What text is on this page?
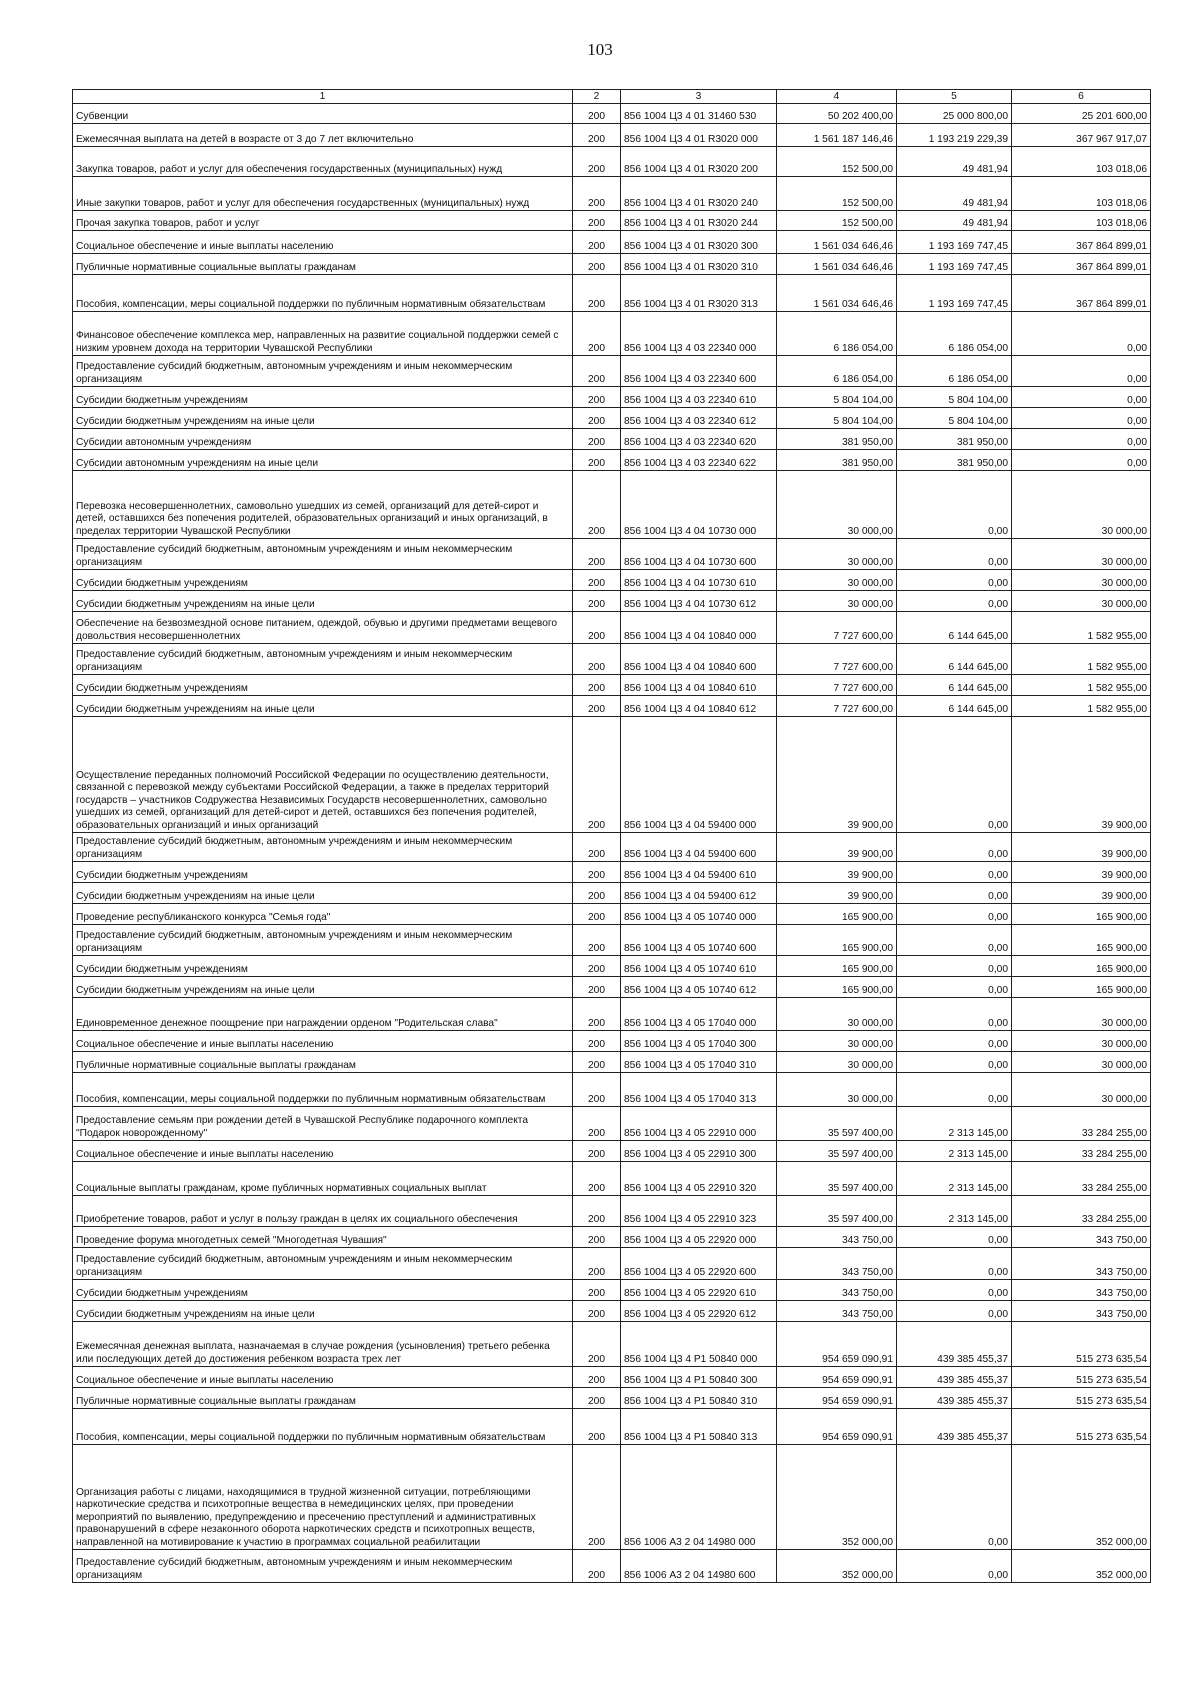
103
1	2	3	4	5	6
Субвенции	200	856 1004 Ц3 4 01 31460 530	50 202 400,00	25 000 800,00	25 201 600,00
Ежемесячная выплата на детей в возрасте от 3 до 7 лет включительно	200	856 1004 Ц3 4 01 R3020 000	1 561 187 146,46	1 193 219 229,39	367 967 917,07
Закупка товаров, работ и услуг для обеспечения государственных (муниципальных) нужд	200	856 1004 Ц3 4 01 R3020 200	152 500,00	49 481,94	103 018,06
Иные закупки товаров, работ и услуг для обеспечения государственных (муниципальных) нужд	200	856 1004 Ц3 4 01 R3020 240	152 500,00	49 481,94	103 018,06
Прочая закупка товаров, работ и услуг	200	856 1004 Ц3 4 01 R3020 244	152 500,00	49 481,94	103 018,06
Социальное обеспечение и иные выплаты населению	200	856 1004 Ц3 4 01 R3020 300	1 561 034 646,46	1 193 169 747,45	367 864 899,01
Публичные нормативные социальные выплаты гражданам	200	856 1004 Ц3 4 01 R3020 310	1 561 034 646,46	1 193 169 747,45	367 864 899,01
Пособия, компенсации, меры социальной поддержки по публичным нормативным обязательствам	200	856 1004 Ц3 4 01 R3020 313	1 561 034 646,46	1 193 169 747,45	367 864 899,01
Финансовое обеспечение комплекса мер, направленных на развитие социальной поддержки семей с низким уровнем дохода на территории Чувашской Республики	200	856 1004 Ц3 4 03 22340 000	6 186 054,00	6 186 054,00	0,00
Предоставление субсидий бюджетным, автономным учреждениям и иным некоммерческим организациям	200	856 1004 Ц3 4 03 22340 600	6 186 054,00	6 186 054,00	0,00
Субсидии бюджетным учреждениям	200	856 1004 Ц3 4 03 22340 610	5 804 104,00	5 804 104,00	0,00
Субсидии бюджетным учреждениям на иные цели	200	856 1004 Ц3 4 03 22340 612	5 804 104,00	5 804 104,00	0,00
Субсидии автономным учреждениям	200	856 1004 Ц3 4 03 22340 620	381 950,00	381 950,00	0,00
Субсидии автономным учреждениям на иные цели	200	856 1004 Ц3 4 03 22340 622	381 950,00	381 950,00	0,00
Перевозка несовершеннолетних, самовольно ушедших из семей, организаций для детей-сирот и детей, оставшихся без попечения родителей, образовательных организаций и иных организаций, в пределах территории Чувашской Республики	200	856 1004 Ц3 4 04 10730 000	30 000,00	0,00	30 000,00
Предоставление субсидий бюджетным, автономным учреждениям и иным некоммерческим организациям	200	856 1004 Ц3 4 04 10730 600	30 000,00	0,00	30 000,00
Субсидии бюджетным учреждениям	200	856 1004 Ц3 4 04 10730 610	30 000,00	0,00	30 000,00
Субсидии бюджетным учреждениям на иные цели	200	856 1004 Ц3 4 04 10730 612	30 000,00	0,00	30 000,00
Обеспечение на безвозмездной основе питанием, одеждой, обувью и другими предметами вещевого довольствия несовершеннолетних	200	856 1004 Ц3 4 04 10840 000	7 727 600,00	6 144 645,00	1 582 955,00
Предоставление субсидий бюджетным, автономным учреждениям и иным некоммерческим организациям	200	856 1004 Ц3 4 04 10840 600	7 727 600,00	6 144 645,00	1 582 955,00
Субсидии бюджетным учреждениям	200	856 1004 Ц3 4 04 10840 610	7 727 600,00	6 144 645,00	1 582 955,00
Субсидии бюджетным учреждениям на иные цели	200	856 1004 Ц3 4 04 10840 612	7 727 600,00	6 144 645,00	1 582 955,00
Осуществление переданных полномочий Российской Федерации по осуществлению деятельности, связанной с перевозкой между субъектами Российской Федерации, а также в пределах территорий государств – участников Содружества Независимых Государств несовершеннолетних, самовольно ушедших из семей, организаций для детей-сирот и детей, оставшихся без попечения родителей, образовательных организаций и иных организаций	200	856 1004 Ц3 4 04 59400 000	39 900,00	0,00	39 900,00
Предоставление субсидий бюджетным, автономным учреждениям и иным некоммерческим организациям	200	856 1004 Ц3 4 04 59400 600	39 900,00	0,00	39 900,00
Субсидии бюджетным учреждениям	200	856 1004 Ц3 4 04 59400 610	39 900,00	0,00	39 900,00
Субсидии бюджетным учреждениям на иные цели	200	856 1004 Ц3 4 04 59400 612	39 900,00	0,00	39 900,00
Проведение республиканского конкурса "Семья года"	200	856 1004 Ц3 4 05 10740 000	165 900,00	0,00	165 900,00
Предоставление субсидий бюджетным, автономным учреждениям и иным некоммерческим организациям	200	856 1004 Ц3 4 05 10740 600	165 900,00	0,00	165 900,00
Субсидии бюджетным учреждениям	200	856 1004 Ц3 4 05 10740 610	165 900,00	0,00	165 900,00
Субсидии бюджетным учреждениям на иные цели	200	856 1004 Ц3 4 05 10740 612	165 900,00	0,00	165 900,00
Единовременное денежное поощрение при награждении орденом "Родительская слава"	200	856 1004 Ц3 4 05 17040 000	30 000,00	0,00	30 000,00
Социальное обеспечение и иные выплаты населению	200	856 1004 Ц3 4 05 17040 300	30 000,00	0,00	30 000,00
Публичные нормативные социальные выплаты гражданам	200	856 1004 Ц3 4 05 17040 310	30 000,00	0,00	30 000,00
Пособия, компенсации, меры социальной поддержки по публичным нормативным обязательствам	200	856 1004 Ц3 4 05 17040 313	30 000,00	0,00	30 000,00
Предоставление семьям при рождении детей в Чувашской Республике подарочного комплекта "Подарок новорожденному"	200	856 1004 Ц3 4 05 22910 000	35 597 400,00	2 313 145,00	33 284 255,00
Социальное обеспечение и иные выплаты населению	200	856 1004 Ц3 4 05 22910 300	35 597 400,00	2 313 145,00	33 284 255,00
Социальные выплаты гражданам, кроме публичных нормативных социальных выплат	200	856 1004 Ц3 4 05 22910 320	35 597 400,00	2 313 145,00	33 284 255,00
Приобретение товаров, работ и услуг в пользу граждан в целях их социального обеспечения	200	856 1004 Ц3 4 05 22910 323	35 597 400,00	2 313 145,00	33 284 255,00
Проведение форума многодетных семей "Многодетная Чувашия"	200	856 1004 Ц3 4 05 22920 000	343 750,00	0,00	343 750,00
Предоставление субсидий бюджетным, автономным учреждениям и иным некоммерческим организациям	200	856 1004 Ц3 4 05 22920 600	343 750,00	0,00	343 750,00
Субсидии бюджетным учреждениям	200	856 1004 Ц3 4 05 22920 610	343 750,00	0,00	343 750,00
Субсидии бюджетным учреждениям на иные цели	200	856 1004 Ц3 4 05 22920 612	343 750,00	0,00	343 750,00
Ежемесячная денежная выплата, назначаемая в случае рождения (усыновления) третьего ребенка или последующих детей до достижения ребенком возраста трех лет	200	856 1004 Ц3 4 P1 50840 000	954 659 090,91	439 385 455,37	515 273 635,54
Социальное обеспечение и иные выплаты населению	200	856 1004 Ц3 4 P1 50840 300	954 659 090,91	439 385 455,37	515 273 635,54
Публичные нормативные социальные выплаты гражданам	200	856 1004 Ц3 4 P1 50840 310	954 659 090,91	439 385 455,37	515 273 635,54
Пособия, компенсации, меры социальной поддержки по публичным нормативным обязательствам	200	856 1004 Ц3 4 P1 50840 313	954 659 090,91	439 385 455,37	515 273 635,54
Организация работы с лицами, находящимися в трудной жизненной ситуации, потребляющими наркотические средства и психотропные вещества в немедицинских целях, при проведении мероприятий по выявлению, предупреждению и пресечению преступлений и административных правонарушений в сфере незаконного оборота наркотических средств и психотропных веществ, направленной на мотивирование к участию в программах социальной реабилитации	200	856 1006 А3 2 04 14980 000	352 000,00	0,00	352 000,00
Предоставление субсидий бюджетным, автономным учреждениям и иным некоммерческим организациям	200	856 1006 А3 2 04 14980 600	352 000,00	0,00	352 000,00
